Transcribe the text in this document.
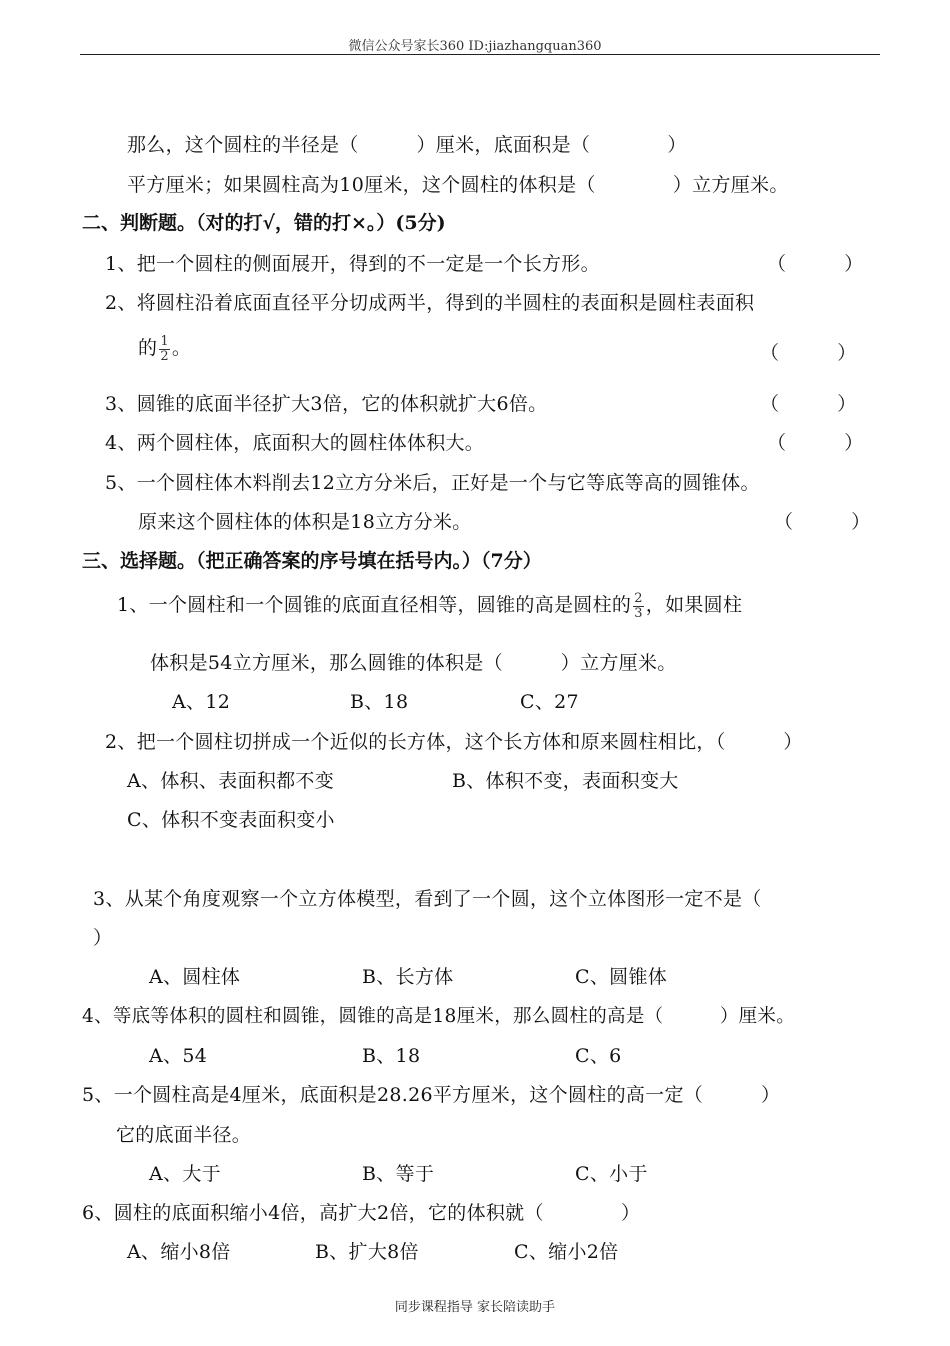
微信公众号家长360 ID:jiazhangquan360
那么，这个圆柱的半径是（　　　）厘米，底面积是（　　　　）
平方厘米；如果圆柱高为10厘米，这个圆柱的体积是（　　　　）立方厘米。
二、判断题。（对的打√，错的打×。）(5分)
1、把一个圆柱的侧面展开，得到的不一定是一个长方形。	（　　　）
2、将圆柱沿着底面直径平分切成两半，得到的半圆柱的表面积是圆柱表面积
的 $\frac{1}{2}$ 。	（　　　）
3、圆锥的底面半径扩大3倍，它的体积就扩大6倍。	（　　　）
4、两个圆柱体，底面积大的圆柱体体积大。	（　　　）
5、一个圆柱体木料削去12立方分米后，正好是一个与它等底等高的圆锥体。
原来这个圆柱体的体积是18立方分米。	（　　　）
三、选择题。（把正确答案的序号填在括号内。）（7分）
1、一个圆柱和一个圆锥的底面直径相等，圆锥的高是圆柱的 $\frac{2}{3}$ ，如果圆柱
体积是54立方厘米，那么圆锥的体积是（　　　）立方厘米。
A、12	B、18	C、27
2、把一个圆柱切拼成一个近似的长方体，这个长方体和原来圆柱相比，（　　　）
A、体积、表面积都不变	B、体积不变，表面积变大
C、体积不变表面积变小
3、从某个角度观察一个立方体模型，看到了一个圆，这个立体图形一定不是（
）
A、圆柱体	B、长方体	C、圆锥体
4、等底等体积的圆柱和圆锥，圆锥的高是18厘米，那么圆柱的高是（　　　）厘米。
A、54	B、18	C、6
5、一个圆柱高是4厘米，底面积是28.26平方厘米，这个圆柱的高一定（　　　）
它的底面半径。
A、大于	B、等于	C、小于
6、圆柱的底面积缩小4倍，高扩大2倍，它的体积就（　　　　）
A、缩小8倍	B、扩大8倍	C、缩小2倍
同步课程指导 家长陪读助手
